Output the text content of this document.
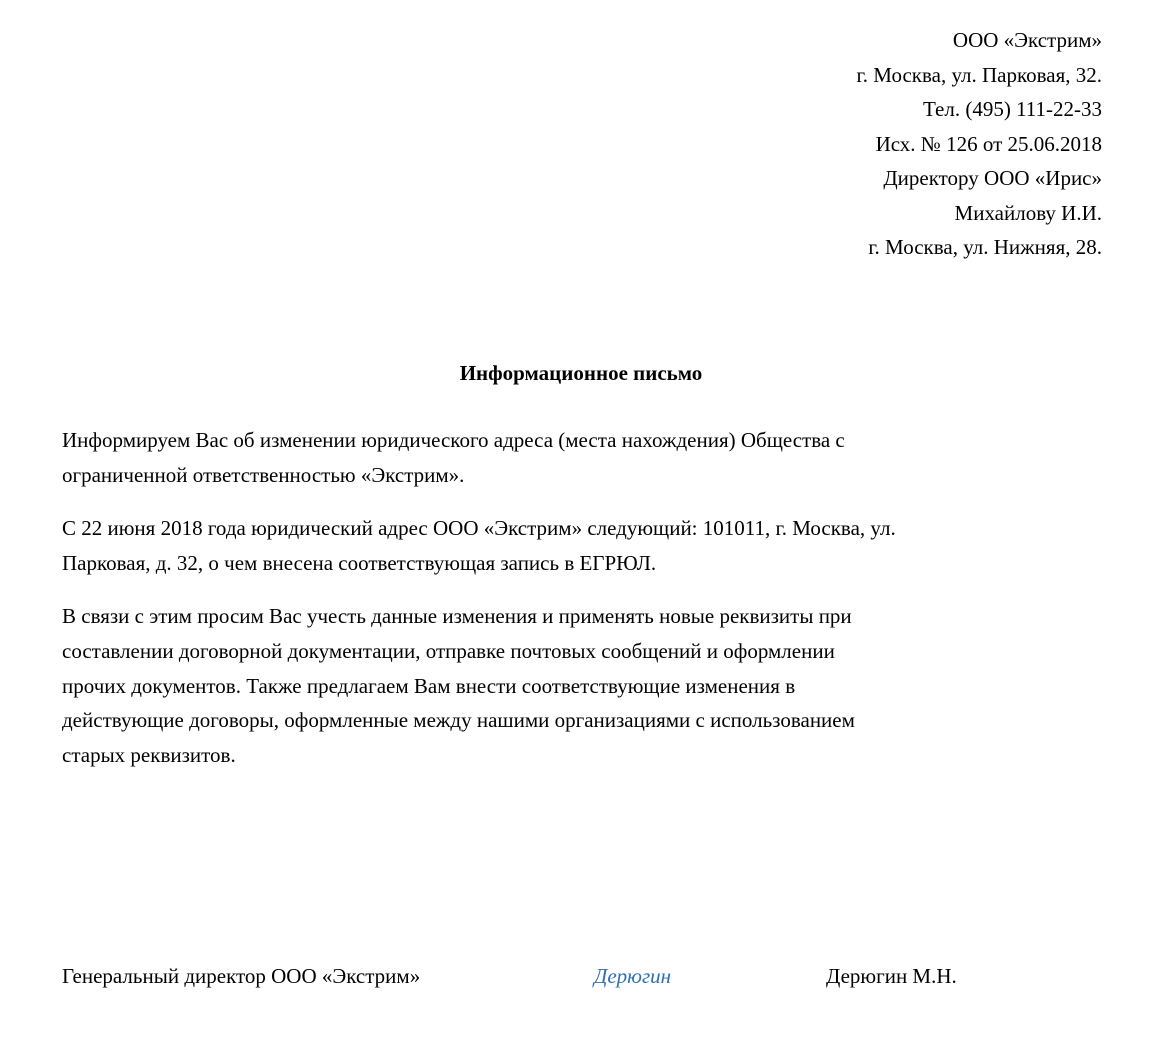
ООО «Экстрим»
г. Москва, ул. Парковая, 32.
Тел. (495) 111-22-33
Исх. № 126 от 25.06.2018
Директору ООО «Ирис»
Михайлову И.И.
г. Москва, ул. Нижняя, 28.
Информационное письмо

Информируем Вас об изменении юридического адреса (места нахождения) Общества с
ограниченной ответственностью «Экстрим».

С 22 июня 2018 года юридический адрес ООО «Экстрим» следующий: 101011, г. Москва, ул.
Парковая, д. 32, о чем внесена соответствующая запись в ЕГРЮЛ.

В связи с этим просим Вас учесть данные изменения и применять новые реквизиты при
составлении договорной документации, отправке почтовых сообщений и оформлении
прочих документов. Также предлагаем Вам внести соответствующие изменения в
действующие договоры, оформленные между нашими организациями с использованием
старых реквизитов.

Генеральный директор ООО «Экстрим»	Дерюгин	Дерюгин М.Н.
